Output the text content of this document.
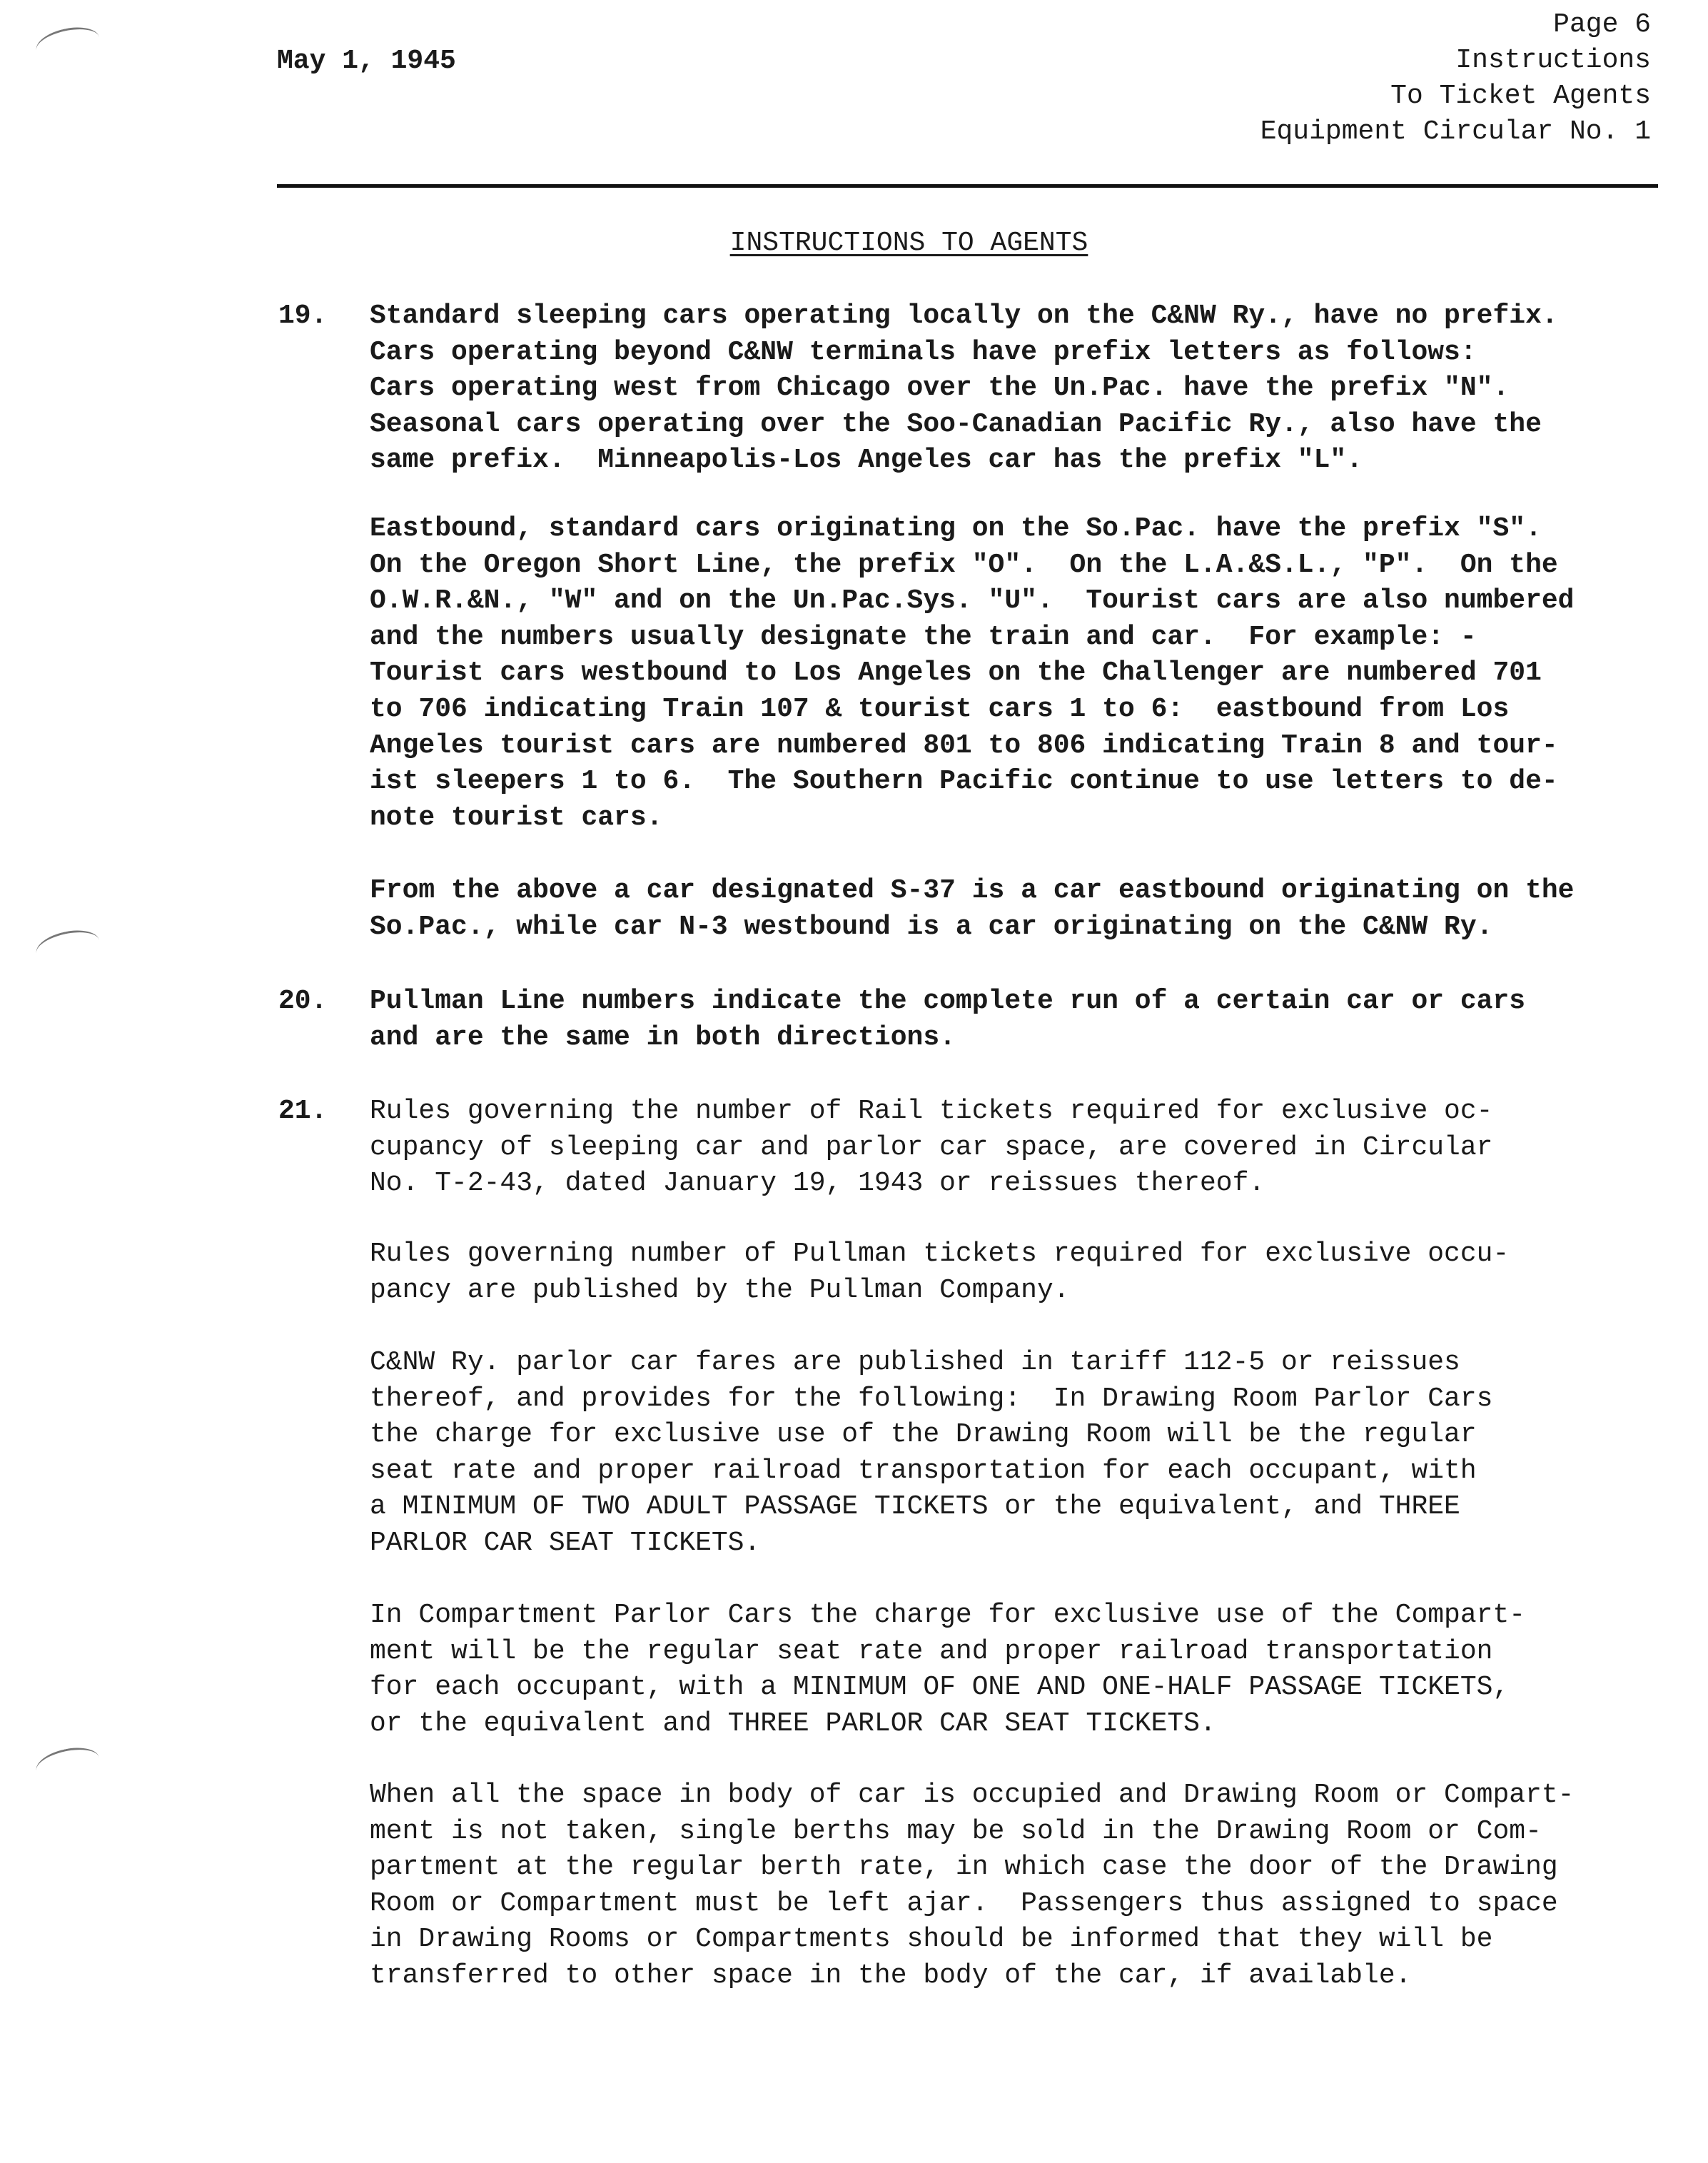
May 1, 1945
Page 6
Instructions
To Ticket Agents
Equipment Circular No. 1
INSTRUCTIONS TO AGENTS
19. Standard sleeping cars operating locally on the C&NW Ry., have no prefix.
Cars operating beyond C&NW terminals have prefix letters as follows:
Cars operating west from Chicago over the Un.Pac. have the prefix "N".
Seasonal cars operating over the Soo-Canadian Pacific Ry., also have the
same prefix.  Minneapolis-Los Angeles car has the prefix "L".
Eastbound, standard cars originating on the So.Pac. have the prefix "S".
On the Oregon Short Line, the prefix "O".  On the L.A.&S.L., "P".  On the
O.W.R.&N., "W" and on the Un.Pac.Sys. "U".  Tourist cars are also numbered
and the numbers usually designate the train and car.  For example: -
Tourist cars westbound to Los Angeles on the Challenger are numbered 701
to 706 indicating Train 107 & tourist cars 1 to 6:  eastbound from Los
Angeles tourist cars are numbered 801 to 806 indicating Train 8 and tour-
ist sleepers 1 to 6.  The Southern Pacific continue to use letters to de-
note tourist cars.
From the above a car designated S-37 is a car eastbound originating on the
So.Pac., while car N-3 westbound is a car originating on the C&NW Ry.
20. Pullman Line numbers indicate the complete run of a certain car or cars
and are the same in both directions.
21. Rules governing the number of Rail tickets required for exclusive oc-
cupancy of sleeping car and parlor car space, are covered in Circular
No. T-2-43, dated January 19, 1943 or reissues thereof.
Rules governing number of Pullman tickets required for exclusive occu-
pancy are published by the Pullman Company.
C&NW Ry. parlor car fares are published in tariff 112-5 or reissues
thereof, and provides for the following:  In Drawing Room Parlor Cars
the charge for exclusive use of the Drawing Room will be the regular
seat rate and proper railroad transportation for each occupant, with
a MINIMUM OF TWO ADULT PASSAGE TICKETS or the equivalent, and THREE
PARLOR CAR SEAT TICKETS.
In Compartment Parlor Cars the charge for exclusive use of the Compart-
ment will be the regular seat rate and proper railroad transportation
for each occupant, with a MINIMUM OF ONE AND ONE-HALF PASSAGE TICKETS,
or the equivalent and THREE PARLOR CAR SEAT TICKETS.
When all the space in body of car is occupied and Drawing Room or Compart-
ment is not taken, single berths may be sold in the Drawing Room or Com-
partment at the regular berth rate, in which case the door of the Drawing
Room or Compartment must be left ajar.  Passengers thus assigned to space
in Drawing Rooms or Compartments should be informed that they will be
transferred to other space in the body of the car, if available.
